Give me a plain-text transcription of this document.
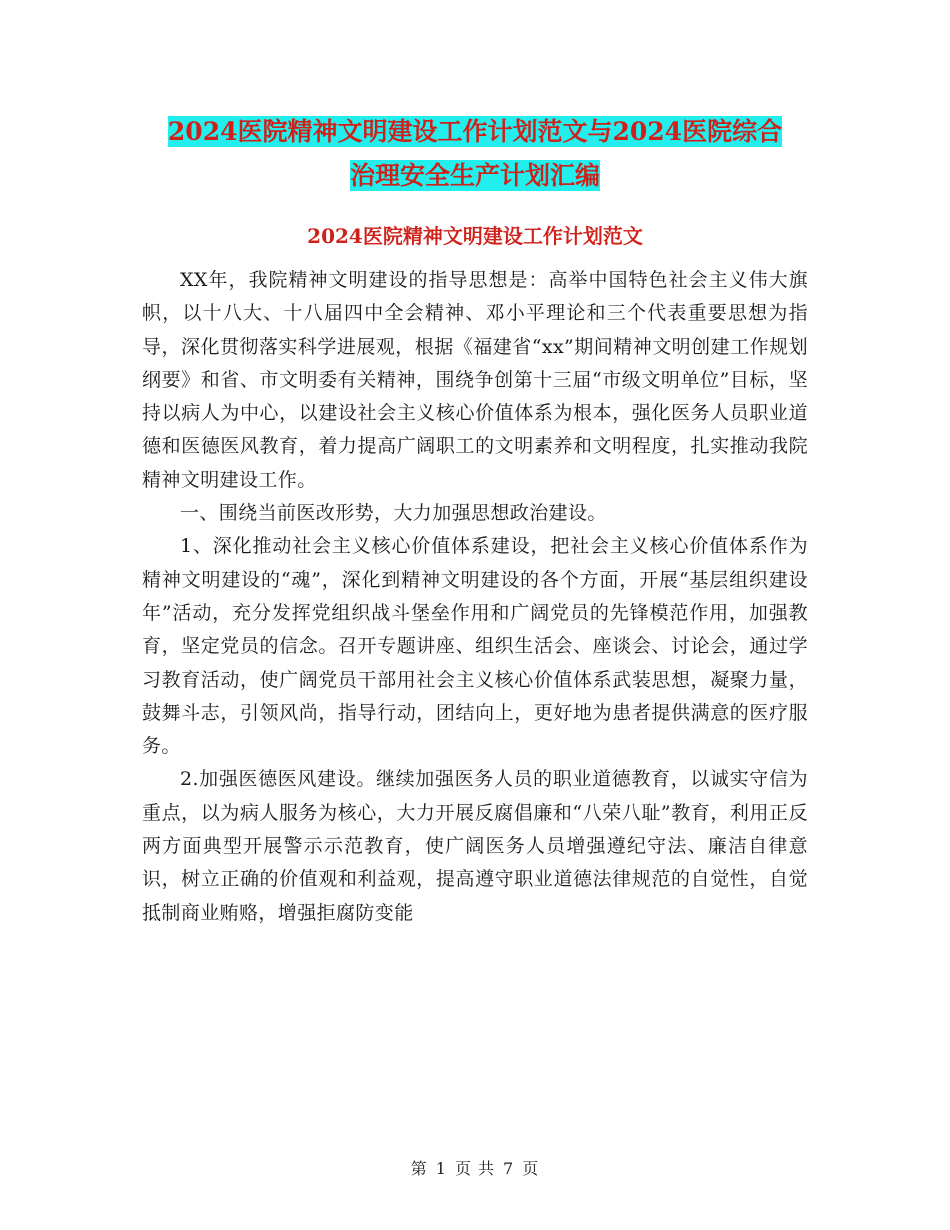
2024医院精神文明建设工作计划范文与2024医院综合
治理安全生产计划汇编
2024医院精神文明建设工作计划范文

XX年，我院精神文明建设的指导思想是：高举中国特色社会主义伟大旗帜，以十八大、十八届四中全会精神、邓小平理论和三个代表重要思想为指导，深化贯彻落实科学进展观，根据《福建省“xx”期间精神文明创建工作规划纲要》和省、市文明委有关精神，围绕争创第十三届“市级文明单位”目标，坚持以病人为中心，以建设社会主义核心价值体系为根本，强化医务人员职业道德和医德医风教育，着力提高广阔职工的文明素养和文明程度，扎实推动我院精神文明建设工作。

一、围绕当前医改形势，大力加强思想政治建设。

1、深化推动社会主义核心价值体系建设，把社会主义核心价值体系作为精神文明建设的“魂”，深化到精神文明建设的各个方面，开展“基层组织建设年”活动，充分发挥党组织战斗堡垒作用和广阔党员的先锋模范作用，加强教育，坚定党员的信念。召开专题讲座、组织生活会、座谈会、讨论会，通过学习教育活动，使广阔党员干部用社会主义核心价值体系武装思想，凝聚力量，鼓舞斗志，引领风尚，指导行动，团结向上，更好地为患者提供满意的医疗服务。

2.加强医德医风建设。继续加强医务人员的职业道德教育，以诚实守信为重点，以为病人服务为核心，大力开展反腐倡廉和“八荣八耻”教育，利用正反两方面典型开展警示示范教育，使广阔医务人员增强遵纪守法、廉洁自律意识，树立正确的价值观和利益观，提高遵守职业道德法律规范的自觉性，自觉抵制商业贿赂，增强拒腐防变能

第 1 页 共 7 页
